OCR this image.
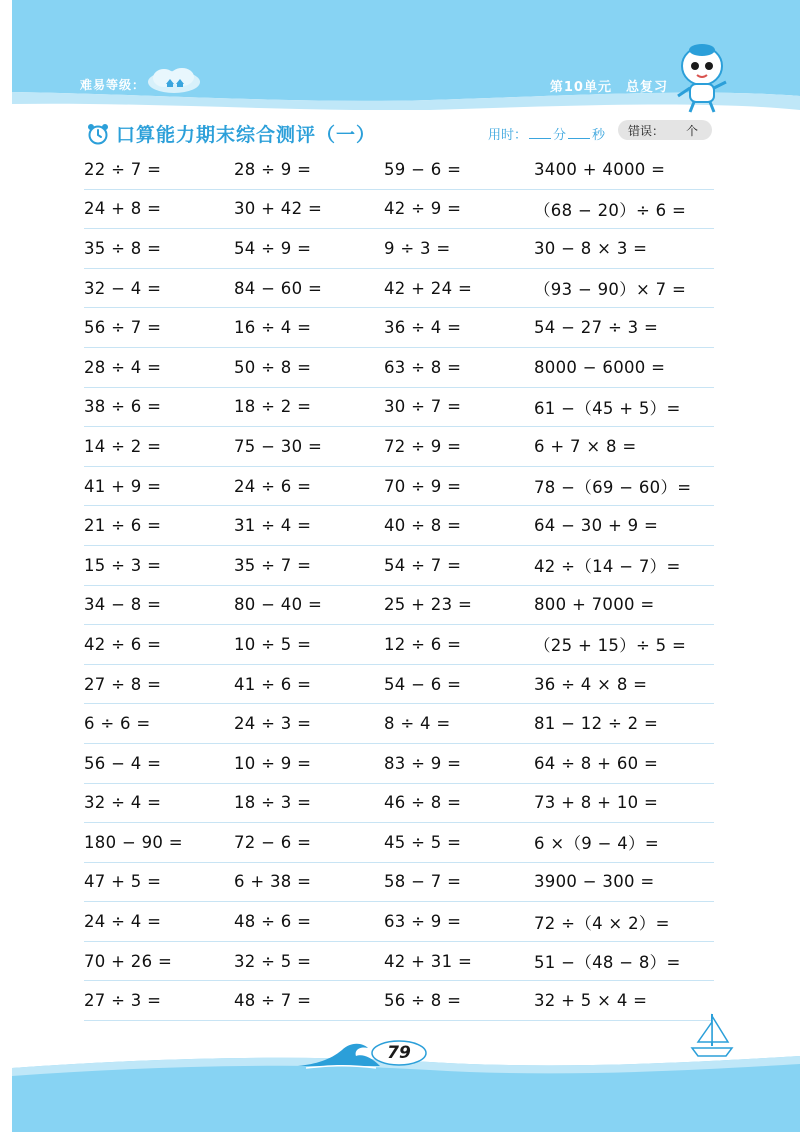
难易等级：	第10单元 总复习
口算能力期末综合测评（一）	用时： 分 秒 错误： 个
22 ÷ 7 =	28 ÷ 9 =	59 − 6 =	3400 + 4000 =
24 + 8 =	30 + 42 =	42 ÷ 9 =	（68 − 20）÷ 6 =
35 ÷ 8 =	54 ÷ 9 =	9 ÷ 3 =	30 − 8 × 3 =
32 − 4 =	84 − 60 =	42 + 24 =	（93 − 90）× 7 =
56 ÷ 7 =	16 ÷ 4 =	36 ÷ 4 =	54 − 27 ÷ 3 =
28 ÷ 4 =	50 ÷ 8 =	63 ÷ 8 =	8000 − 6000 =
38 ÷ 6 =	18 ÷ 2 =	30 ÷ 7 =	61 −（45 + 5）=
14 ÷ 2 =	75 − 30 =	72 ÷ 9 =	6 + 7 × 8 =
41 + 9 =	24 ÷ 6 =	70 ÷ 9 =	78 −（69 − 60）=
21 ÷ 6 =	31 ÷ 4 =	40 ÷ 8 =	64 − 30 + 9 =
15 ÷ 3 =	35 ÷ 7 =	54 ÷ 7 =	42 ÷（14 − 7）=
34 − 8 =	80 − 40 =	25 + 23 =	800 + 7000 =
42 ÷ 6 =	10 ÷ 5 =	12 ÷ 6 =	（25 + 15）÷ 5 =
27 ÷ 8 =	41 ÷ 6 =	54 − 6 =	36 ÷ 4 × 8 =
6 ÷ 6 =	24 ÷ 3 =	8 ÷ 4 =	81 − 12 ÷ 2 =
56 − 4 =	10 ÷ 9 =	83 ÷ 9 =	64 ÷ 8 + 60 =
32 ÷ 4 =	18 ÷ 3 =	46 ÷ 8 =	73 + 8 + 10 =
180 − 90 =	72 − 6 =	45 ÷ 5 =	6 ×（9 − 4）=
47 + 5 =	6 + 38 =	58 − 7 =	3900 − 300 =
24 ÷ 4 =	48 ÷ 6 =	63 ÷ 9 =	72 ÷（4 × 2）=
70 + 26 =	32 ÷ 5 =	42 + 31 =	51 −（48 − 8）=
27 ÷ 3 =	48 ÷ 7 =	56 ÷ 8 =	32 + 5 × 4 =
79
